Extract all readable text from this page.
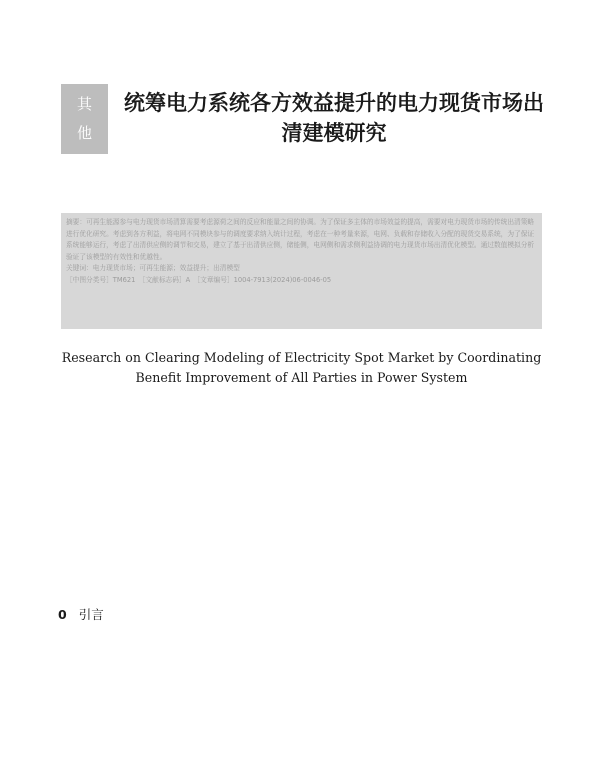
其
他
统筹电力系统各方效益提升的电力现货市场出清建模研究

摘要：可再生能源参与电力现货市场清算需要考虑源荷之间的反应和能量之间的协调。为了保证多主体的市场效益的提高，需要对电力现货市场的传统出清策略进行优化研究。考虑到各方利益，将电网不同模块参与的调度要求纳入统计过程，考虑在一种考量来源，电网、负载和存储收入分配的现货交易系统，为了保证系统能够运行，考虑了出清供应侧的调节和交易，建立了基于出清供应侧，储能侧，电网侧和需求侧利益协调的电力现货市场出清优化模型。通过数值模拟分析验证了该模型的有效性和优越性。

关键词：电力现货市场；可再生能源；效益提升；出清模型

［中图分类号］TM621　［文献标志码］A　［文章编号］1004-7913(2024)06-0046-05

Research on Clearing Modeling of Electricity Spot Market by Coordinating Benefit Improvement of All Parties in Power System
0 引言
